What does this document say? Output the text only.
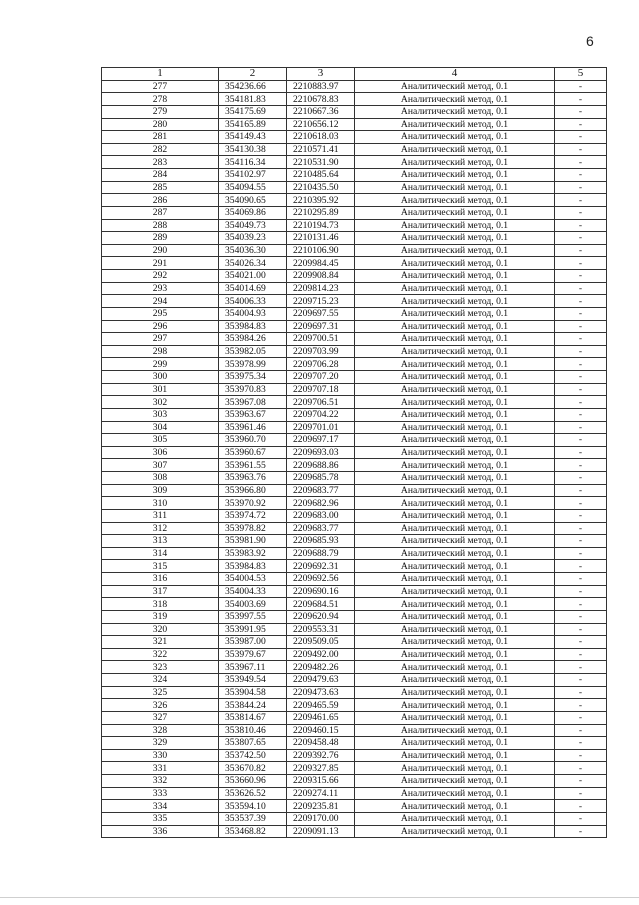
6
1	2	3	4	5
277	354236.66	2210883.97	Аналитический метод, 0.1	-
278	354181.83	2210678.83	Аналитический метод, 0.1	-
279	354175.69	2210667.36	Аналитический метод, 0.1	-
280	354165.89	2210656.12	Аналитический метод, 0.1	-
281	354149.43	2210618.03	Аналитический метод, 0.1	-
282	354130.38	2210571.41	Аналитический метод, 0.1	-
283	354116.34	2210531.90	Аналитический метод, 0.1	-
284	354102.97	2210485.64	Аналитический метод, 0.1	-
285	354094.55	2210435.50	Аналитический метод, 0.1	-
286	354090.65	2210395.92	Аналитический метод, 0.1	-
287	354069.86	2210295.89	Аналитический метод, 0.1	-
288	354049.73	2210194.73	Аналитический метод, 0.1	-
289	354039.23	2210131.46	Аналитический метод, 0.1	-
290	354036.30	2210106.90	Аналитический метод, 0.1	-
291	354026.34	2209984.45	Аналитический метод, 0.1	-
292	354021.00	2209908.84	Аналитический метод, 0.1	-
293	354014.69	2209814.23	Аналитический метод, 0.1	-
294	354006.33	2209715.23	Аналитический метод, 0.1	-
295	354004.93	2209697.55	Аналитический метод, 0.1	-
296	353984.83	2209697.31	Аналитический метод, 0.1	-
297	353984.26	2209700.51	Аналитический метод, 0.1	-
298	353982.05	2209703.99	Аналитический метод, 0.1	-
299	353978.99	2209706.28	Аналитический метод, 0.1	-
300	353975.34	2209707.20	Аналитический метод, 0.1	-
301	353970.83	2209707.18	Аналитический метод, 0.1	-
302	353967.08	2209706.51	Аналитический метод, 0.1	-
303	353963.67	2209704.22	Аналитический метод, 0.1	-
304	353961.46	2209701.01	Аналитический метод, 0.1	-
305	353960.70	2209697.17	Аналитический метод, 0.1	-
306	353960.67	2209693.03	Аналитический метод, 0.1	-
307	353961.55	2209688.86	Аналитический метод, 0.1	-
308	353963.76	2209685.78	Аналитический метод, 0.1	-
309	353966.80	2209683.77	Аналитический метод, 0.1	-
310	353970.92	2209682.96	Аналитический метод, 0.1	-
311	353974.72	2209683.00	Аналитический метод, 0.1	-
312	353978.82	2209683.77	Аналитический метод, 0.1	-
313	353981.90	2209685.93	Аналитический метод, 0.1	-
314	353983.92	2209688.79	Аналитический метод, 0.1	-
315	353984.83	2209692.31	Аналитический метод, 0.1	-
316	354004.53	2209692.56	Аналитический метод, 0.1	-
317	354004.33	2209690.16	Аналитический метод, 0.1	-
318	354003.69	2209684.51	Аналитический метод, 0.1	-
319	353997.55	2209620.94	Аналитический метод, 0.1	-
320	353991.95	2209553.31	Аналитический метод, 0.1	-
321	353987.00	2209509.05	Аналитический метод, 0.1	-
322	353979.67	2209492.00	Аналитический метод, 0.1	-
323	353967.11	2209482.26	Аналитический метод, 0.1	-
324	353949.54	2209479.63	Аналитический метод, 0.1	-
325	353904.58	2209473.63	Аналитический метод, 0.1	-
326	353844.24	2209465.59	Аналитический метод, 0.1	-
327	353814.67	2209461.65	Аналитический метод, 0.1	-
328	353810.46	2209460.15	Аналитический метод, 0.1	-
329	353807.65	2209458.48	Аналитический метод, 0.1	-
330	353742.50	2209392.76	Аналитический метод, 0.1	-
331	353670.82	2209327.85	Аналитический метод, 0.1	-
332	353660.96	2209315.66	Аналитический метод, 0.1	-
333	353626.52	2209274.11	Аналитический метод, 0.1	-
334	353594.10	2209235.81	Аналитический метод, 0.1	-
335	353537.39	2209170.00	Аналитический метод, 0.1	-
336	353468.82	2209091.13	Аналитический метод, 0.1	-
